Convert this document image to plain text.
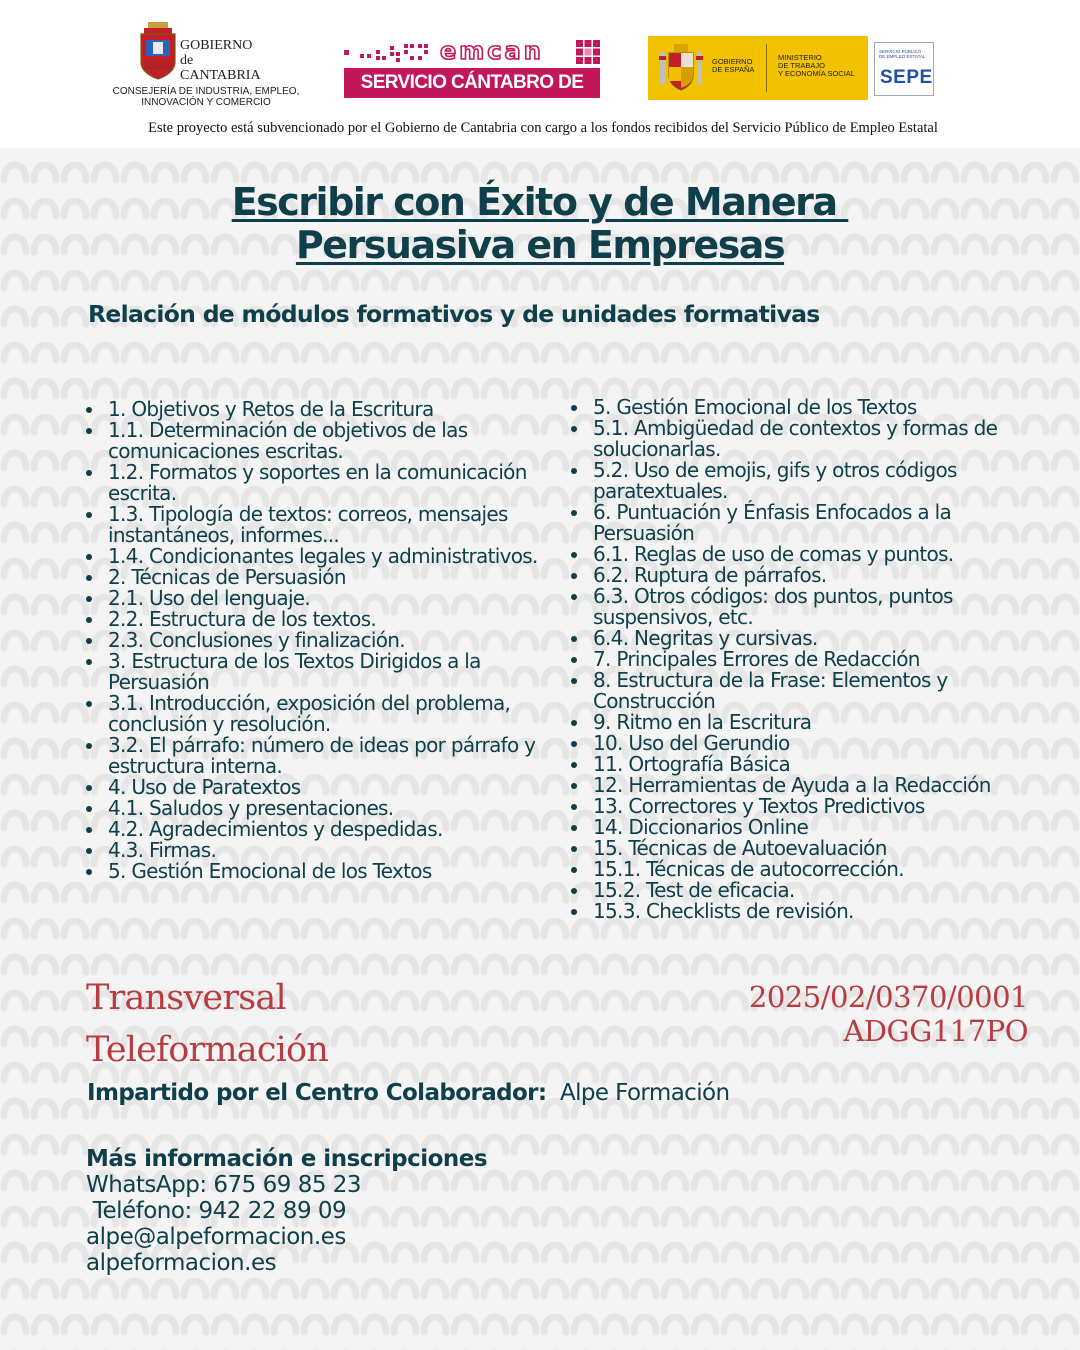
GOBIERNO
de
CANTABRIA
CONSEJERÍA DE INDUSTRIA, EMPLEO,
INNOVACIÓN Y COMERCIO
emcan
SERVICIO CÁNTABRO DE EMPLEO
GOBIERNO
DE ESPAÑA
MINISTERIO
DE TRABAJO
Y ECONOMÍA SOCIAL
SERVICIO PÚBLICO
DE EMPLEO ESTATAL
SEPE
Este proyecto está subvencionado por el Gobierno de Cantabria con cargo a los fondos recibidos del Servicio Público de Empleo Estatal
Escribir con Éxito y de Manera
Persuasiva en Empresas
Relación de módulos formativos y de unidades formativas
1. Objetivos y Retos de la Escritura
1.1. Determinación de objetivos de las comunicaciones escritas.
1.2. Formatos y soportes en la comunicación escrita.
1.3. Tipología de textos: correos, mensajes instantáneos, informes...
1.4. Condicionantes legales y administrativos.
2. Técnicas de Persuasión
2.1. Uso del lenguaje.
2.2. Estructura de los textos.
2.3. Conclusiones y finalización.
3. Estructura de los Textos Dirigidos a la Persuasión
3.1. Introducción, exposición del problema, conclusión y resolución.
3.2. El párrafo: número de ideas por párrafo y estructura interna.
4. Uso de Paratextos
4.1. Saludos y presentaciones.
4.2. Agradecimientos y despedidas.
4.3. Firmas.
5. Gestión Emocional de los Textos
5. Gestión Emocional de los Textos
5.1. Ambigüedad de contextos y formas de solucionarlas.
5.2. Uso de emojis, gifs y otros códigos paratextuales.
6. Puntuación y Énfasis Enfocados a la Persuasión
6.1. Reglas de uso de comas y puntos.
6.2. Ruptura de párrafos.
6.3. Otros códigos: dos puntos, puntos suspensivos, etc.
6.4. Negritas y cursivas.
7. Principales Errores de Redacción
8. Estructura de la Frase: Elementos y Construcción
9. Ritmo en la Escritura
10. Uso del Gerundio
11. Ortografía Básica
12. Herramientas de Ayuda a la Redacción
13. Correctores y Textos Predictivos
14. Diccionarios Online
15. Técnicas de Autoevaluación
15.1. Técnicas de autocorrección.
15.2. Test de eficacia.
15.3. Checklists de revisión.
Transversal
Teleformación
2025/02/0370/0001
ADGG117PO
Impartido por el Centro Colaborador: Alpe Formación
Más información e inscripciones
WhatsApp: 675 69 85 23
Teléfono: 942 22 89 09
alpe@alpeformacion.es
alpeformacion.es
